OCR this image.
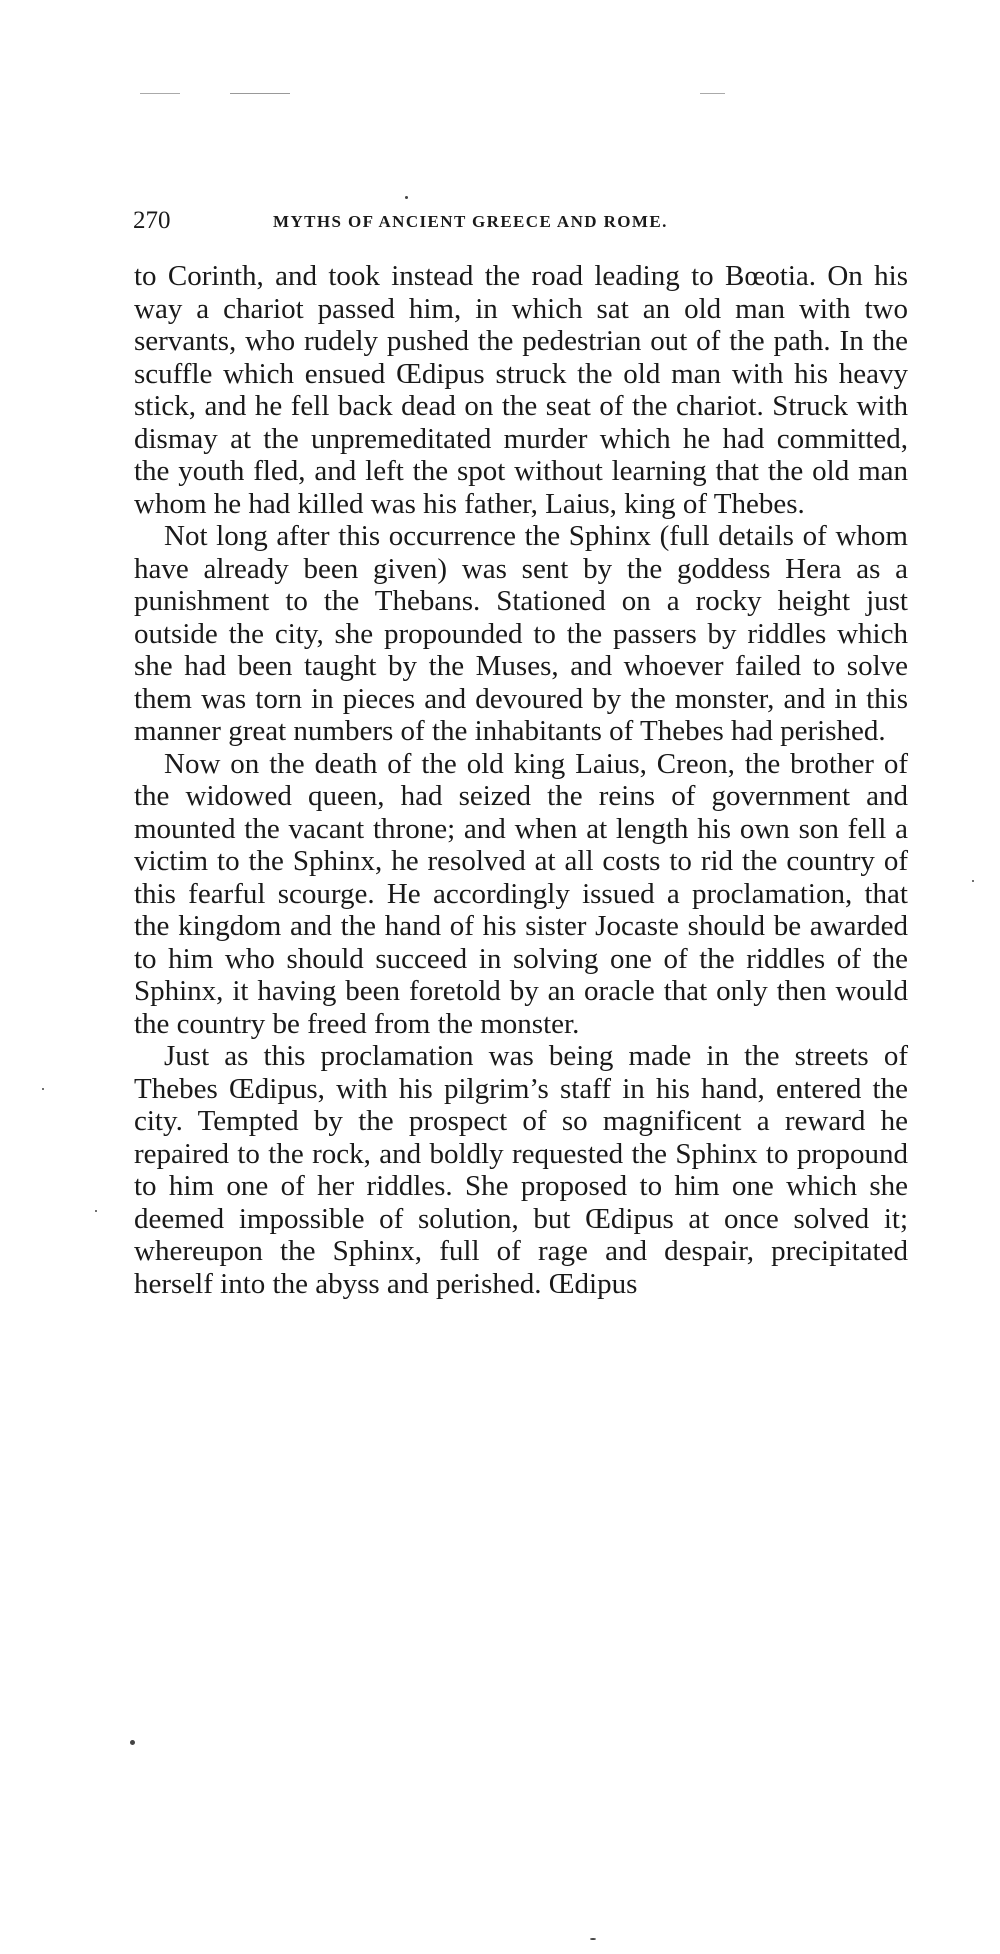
270	MYTHS OF ANCIENT GREECE AND ROME.

to Corinth, and took instead the road leading to Bœotia. On his way a chariot passed him, in which sat an old man with two servants, who rudely pushed the pedestrian out of the path. In the scuffle which ensued Œdipus struck the old man with his heavy stick, and he fell back dead on the seat of the chariot. Struck with dismay at the unpremeditated murder which he had committed, the youth fled, and left the spot without learning that the old man whom he had killed was his father, Laius, king of Thebes.

Not long after this occurrence the Sphinx (full details of whom have already been given) was sent by the goddess Hera as a punishment to the Thebans. Stationed on a rocky height just outside the city, she propounded to the passers by riddles which she had been taught by the Muses, and whoever failed to solve them was torn in pieces and devoured by the monster, and in this manner great numbers of the inhabitants of Thebes had perished.

Now on the death of the old king Laius, Creon, the brother of the widowed queen, had seized the reins of government and mounted the vacant throne; and when at length his own son fell a victim to the Sphinx, he resolved at all costs to rid the country of this fearful scourge. He accordingly issued a proclamation, that the kingdom and the hand of his sister Jocaste should be awarded to him who should succeed in solving one of the riddles of the Sphinx, it having been foretold by an oracle that only then would the country be freed from the monster.

Just as this proclamation was being made in the streets of Thebes Œdipus, with his pilgrim’s staff in his hand, entered the city. Tempted by the prospect of so magnificent a reward he repaired to the rock, and boldly requested the Sphinx to propound to him one of her riddles. She proposed to him one which she deemed impossible of solution, but Œdipus at once solved it; whereupon the Sphinx, full of rage and despair, precipitated herself into the abyss and perished. Œdipus
